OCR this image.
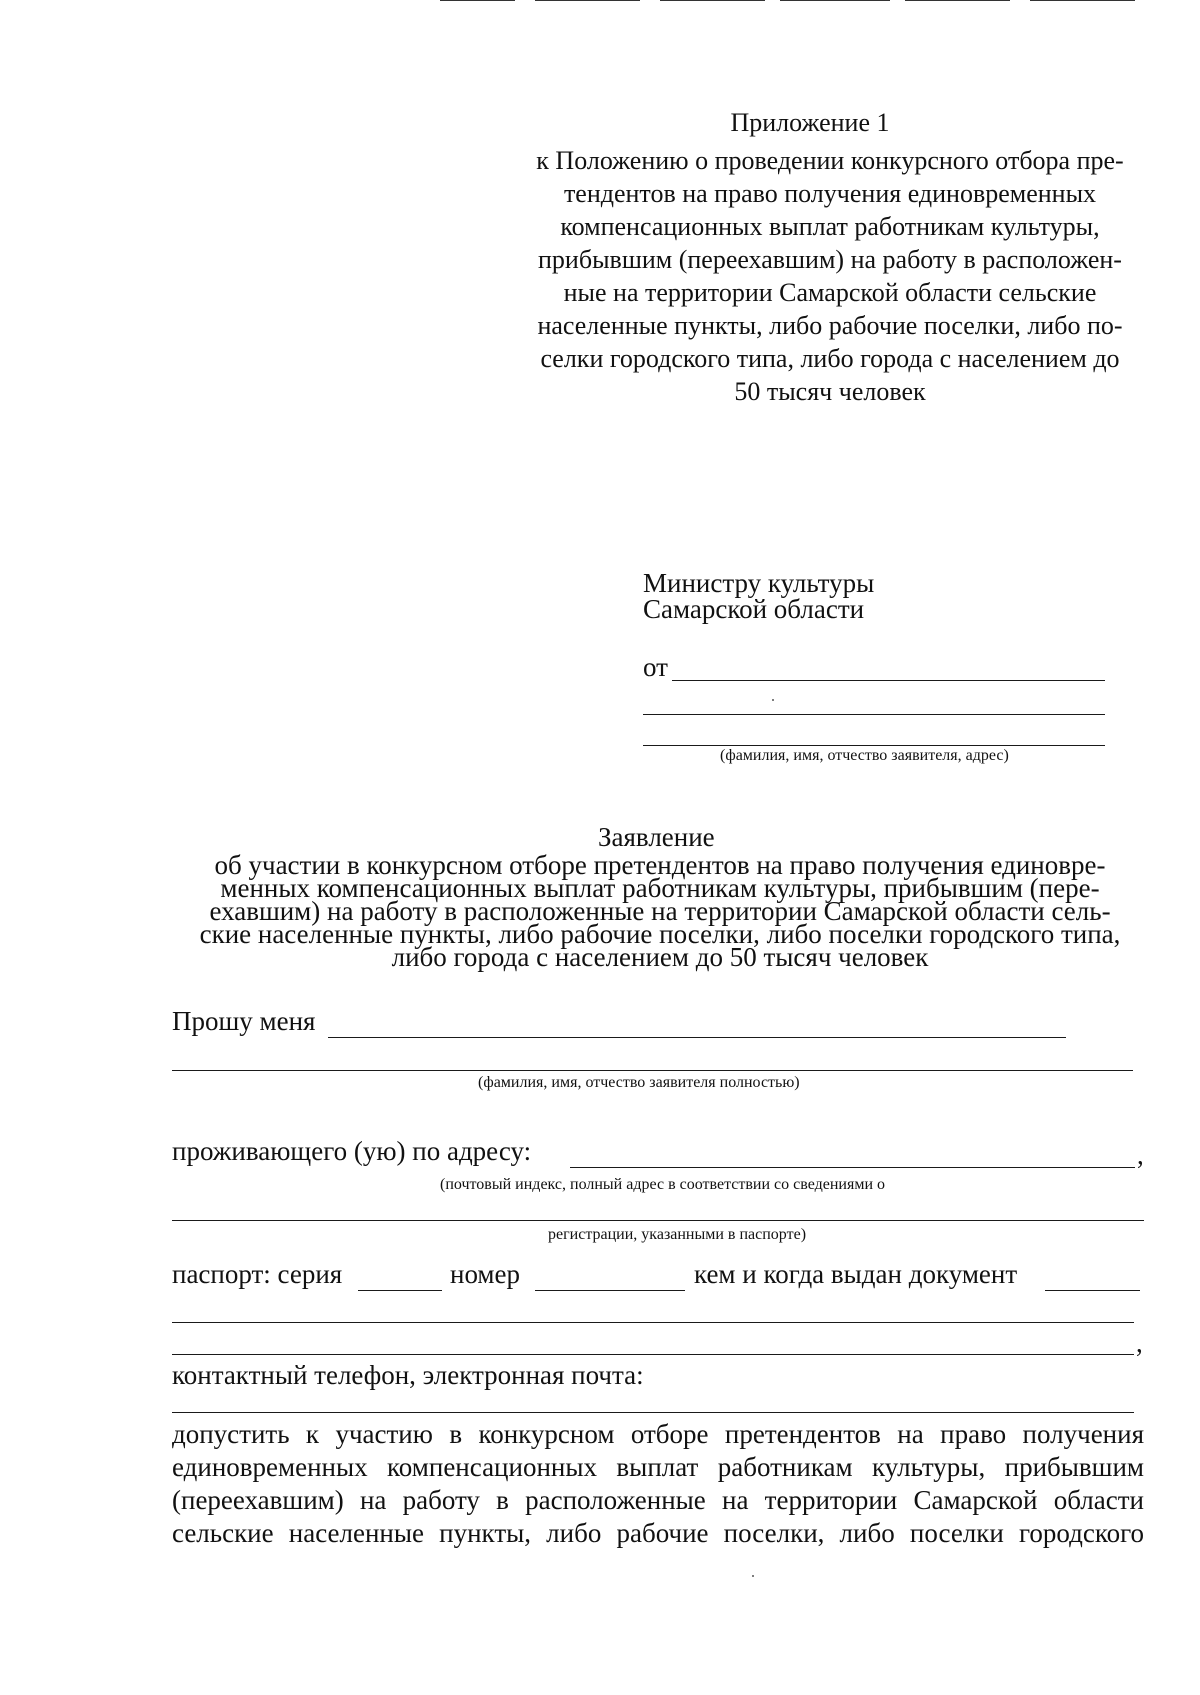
Приложение 1
к Положению о проведении конкурсного отбора пре-
тендентов на право получения единовременных
компенсационных выплат работникам культуры,
прибывшим (переехавшим) на работу в расположен-
ные на территории Самарской области сельские
населенные пункты, либо рабочие поселки, либо по-
селки городского типа, либо города с населением до
50 тысяч человек
Министру культуры
Самарской области
от
(фамилия, имя, отчество заявителя, адрес)
Заявление
об участии в конкурсном отборе претендентов на право получения единовре-
менных компенсационных выплат работникам культуры, прибывшим (пере-
ехавшим) на работу в расположенные на территории Самарской области сель-
ские населенные пункты, либо рабочие поселки, либо поселки городского типа,
либо города с населением до 50 тысяч человек
Прошу меня
(фамилия, имя, отчество заявителя полностью)
проживающего (ую) по адресу:	,
(почтовый индекс, полный адрес в соответствии со сведениями о
регистрации, указанными в паспорте)
паспорт: серия	номер	кем и когда выдан документ
,
контактный телефон, электронная почта:
допустить к участию в конкурсном отборе претендентов на право получения
единовременных компенсационных выплат работникам культуры, прибывшим
(переехавшим) на работу в расположенные на территории Самарской области
сельские населенные пункты, либо рабочие поселки, либо поселки городского
